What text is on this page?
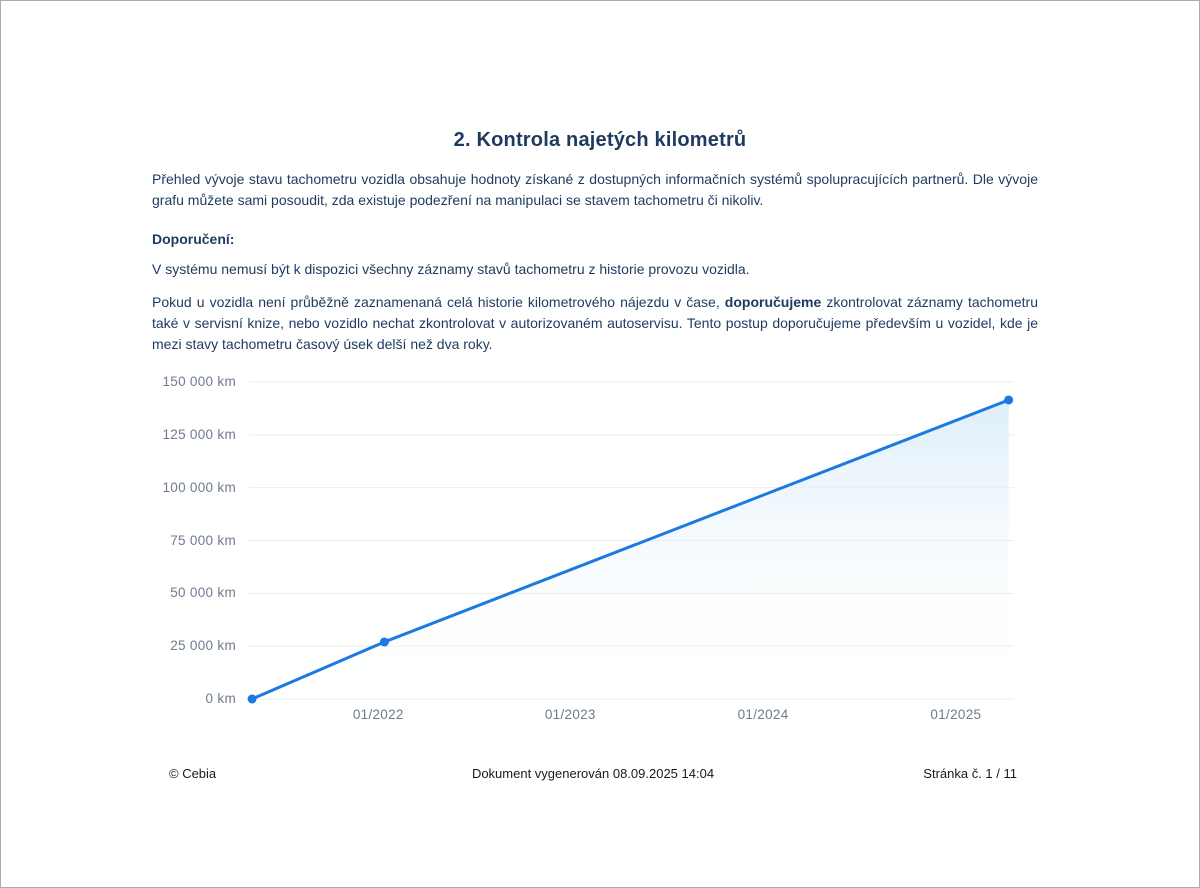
2. Kontrola najetých kilometrů

Přehled vývoje stavu tachometru vozidla obsahuje hodnoty získané z dostupných informačních systémů spolupracujících partnerů. Dle vývoje grafu můžete sami posoudit, zda existuje podezření na manipulaci se stavem tachometru či nikoliv.

Doporučení:

V systému nemusí být k dispozici všechny záznamy stavů tachometru z historie provozu vozidla.

Pokud u vozidla není průběžně zaznamenaná celá historie kilometrového nájezdu v čase, doporučujeme zkontrolovat záznamy tachometru také v servisní knize, nebo vozidlo nechat zkontrolovat v autorizovaném autoservisu. Tento postup doporučujeme především u vozidel, kde je mezi stavy tachometru časový úsek delší než dva roky.

150 000 km
125 000 km
100 000 km
75 000 km
50 000 km
25 000 km
0 km
01/2022	01/2023	01/2024	01/2025
© Cebia	Dokument vygenerován 08.09.2025 14:04	Stránka č. 1 / 11
